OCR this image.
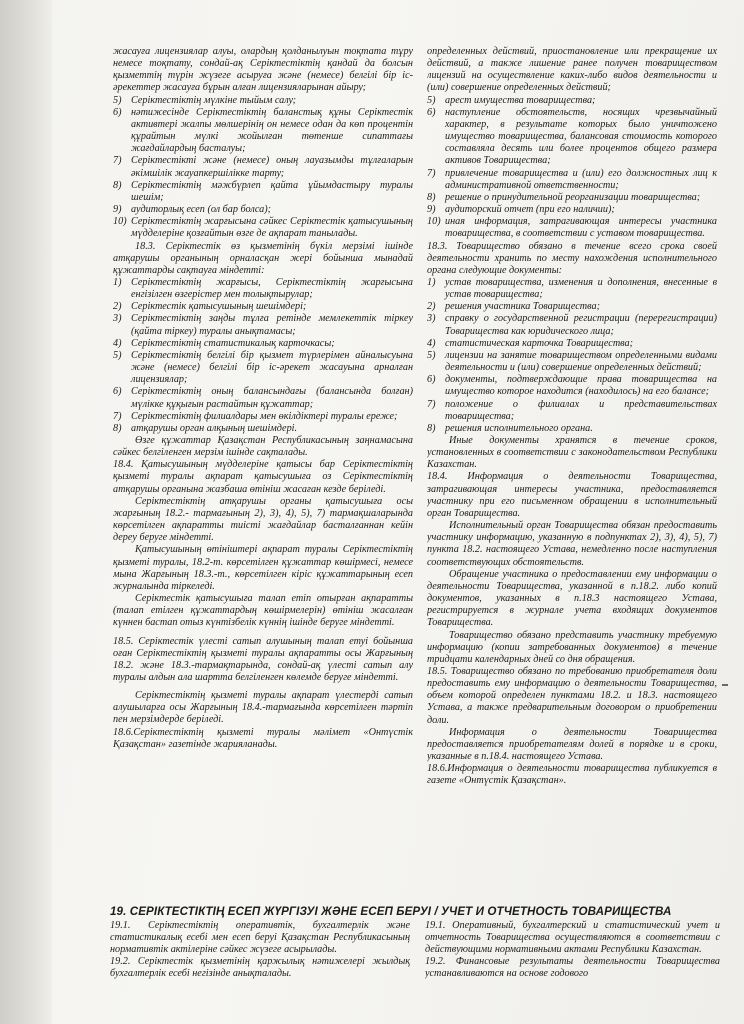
жасауға лицензиялар алуы, олардың қолданылуын тоқтата тұру немесе тоқтату, сондай-ақ Серіктестіктің қандай да болсын қызметтің түрін жүзеге асыруға және (немесе) белгілі бір іс-әрекеттер жасауға бұрын алған лицензияларынан айыру;

5) Серіктестіктің мүлкіне тыйым салу;

6) нәтижесінде Серіктестіктің баланстық құны Серіктестік активтері жалпы мөлшерінің он немесе одан да көп процентін құрайтын мүлкі жойылған төтенше сипаттағы жағдайлардың басталуы;

7) Серіктестікті және (немесе) оның лауазымды тұлғаларын әкімшілік жауапкершілікке тарту;

8) Серіктестіктің мәжбүрлеп қайта ұйымдастыру туралы шешім;

9) аудиторлық есеп (ол бар болса);

10) Серіктестіктің жарғысына сәйкес Серіктестік қатысушының мүдделеріне қозғайтын өзге де ақпарат танылады.

18.3. Серіктестік өз қызметінің бүкіл мерзімі ішінде атқарушы органының орналасқан жері бойынша мынадай құжаттарды сақтауға міндетті:

1) Серіктестіктің жарғысы, Серіктестіктің жарғысына енгізілген өзгерістер мен толықтырулар;

2) Серіктестік қатысушының шешімдері;

3) Серіктестіктің заңды тұлға ретінде мемлекеттік тіркеу (қайта тіркеу) туралы анықтамасы;

4) Серіктестіктің статистикалық карточкасы;

5) Серіктестіктің белгілі бір қызмет түрлерімен айналысуына және (немесе) белгілі бір іс-әрекет жасауына арналған лицензиялар;

6) Серіктестіктің оның балансындағы (балансында болған) мүлікке құқығын растайтын құжаттар;

7) Серіктестіктің филиалдары мен өкілдіктері туралы ереже;

8) атқарушы орган алқының шешімдері.

Өзге құжаттар Қазақстан Республикасының заңнамасына сәйкес белгіленген мерзім ішінде сақталады.

18.4. Қатысушының мүдделеріне қатысы бар Серіктестіктің қызметі туралы ақпарат қатысушыға оз Серіктестіктің атқарушы органына жазбаша өтініш жасаған кезде беріледі.

Серіктестіктің атқарушы органы қатысушыға осы жарғының 18.2.- тармағының 2), 3), 4), 5), 7) тармақшаларында көрсетілген ақпаратты тиісті жағдайлар басталғаннан кейін дереу беруге міндетті.

Қатысушының өтініштері ақпарат туралы Серіктестіктің қызметі туралы, 18.2-т. көрсетілген құжаттар көшірмесі, немесе мына Жарғының 18.3.-т., көрсетілген кіріс құжаттарының есеп журналында тіркеледі.

Серіктестік қатысушыға талап етіп отырған ақпаратты (талап етілген құжаттардың көшірмелерін) өтініш жасалған күннен бастап отыз күнтізбелік күннің ішінде беруге міндетті.

18.5. Серіктестік үлесті сатып алушының талап етуі бойынша оған Серіктестіктің қызметі туралы ақпаратты осы Жарғының 18.2. және 18.3.-тармақтарында, сондай-ақ үлесті сатып алу туралы алдын ала шартта белгіленген көлемде беруге міндетті.

Серіктестіктің қызметі туралы ақпарат үлестерді сатып алушыларға осы Жарғының 18.4.-тармағында көрсетілген тәртіп пен мерзімдерде беріледі.

18.6.Серіктестіктің қызметі туралы мәлімет «Онтүстік Қазақстан» газетінде жарияланады.

определенных действий, приостановление или прекращение их действий, а также лишение ранее получен товариществом лицензий на осуществление каких-либо видов деятельности и (или) совершение определенных действий;

5) арест имущества товарищества;

6) наступление обстоятельств, носящих чрезвычайный характер, в результате которых было уничтожено имущество товарищества, балансовая стоимость которого составляла десять или более процентов общего размера активов Товарищества;

7) привлечение товарищества и (или) его должностных лиц к административной ответственности;

8) решение о принудительной реорганизации товарищества;

9) аудиторский отчет (при его наличии);

10) иная информация, затрагивающая интересы участника товарищества, в соответствии с уставом товарищества.

18.3. Товарищество обязано в течение всего срока своей деятельности хранить по месту нахождения исполнительного органа следующие документы:

1) устав товарищества, изменения и дополнения, внесенные в устав товарищества;

2) решения участника Товарищества;

3) справку о государственной регистрации (перерегистрации) Товарищества как юридического лица;

4) статистическая карточка Товарищества;

5) лицензии на занятие товариществом определенными видами деятельности и (или) совершение определенных действий;

6) документы, подтверждающие права товарищества на имущество которое находится (находилось) на его балансе;

7) положение о филиалах и представительствах товарищества;

8) решения исполнительного органа.

Иные документы хранятся в течение сроков, установленных в соответствии с законодательством Республики Казахстан.

18.4. Информация о деятельности Товарищества, затрагивающая интересы участника, предоставляется участнику при его письменном обращении в исполнительный орган Товарищества.

Исполнительный орган Товарищества обязан предоставить участнику информацию, указанную в подпунктах 2), 3), 4), 5), 7) пункта 18.2. настоящего Устава, немедленно после наступления соответствующих обстоятельств.

Обращение участника о предоставлении ему информации о деятельности Товарищества, указанной в п.18.2. либо копий документов, указанных в п.18.3 настоящего Устава, регистрируется в журнале учета входящих документов Товарищества.

Товарищество обязано представить участнику требуемую информацию (копии затребованных документов) в течение тридцати календарных дней со дня обращения.

18.5. Товарищество обязано по требованию приобретателя доли предоставить ему информацию о деятельности Товарищества, объем которой определен пунктами 18.2. и 18.3. настоящего Устава, а также предварительным договором о приобретении доли.

Информация о деятельности Товарищества предоставляется приобретателям долей в порядке и в сроки, указанные в п.18.4. настоящего Устава.

18.6.Информация о деятельности товарищества публикуется в газете «Онтүстік Қазақстан».

19. СЕРІКТЕСТІКТІҢ ЕСЕП ЖҮРГІЗУІ ЖӘНЕ ЕСЕП БЕРУІ / УЧЕТ И ОТЧЕТНОСТЬ ТОВАРИЩЕСТВА

19.1. Серіктестіктің оперативтік, бухгалтерлік және статистикалық есебі мен есеп беруі Қазақстан Республикасының нормативтік актілеріне сәйкес жүзеге асырылады.

19.2. Серіктестік қызметінің қаржылық нәтижелері жылдық бухгалтерлік есебі негізінде анықталады.

19.1. Оперативный, бухгалтерский и статистический учет и отчетность Товарищества осуществляются в соответствии с действующими нормативными актами Республики Казахстан.

19.2. Финансовые результаты деятельности Товарищества устанавливаются на основе годового
